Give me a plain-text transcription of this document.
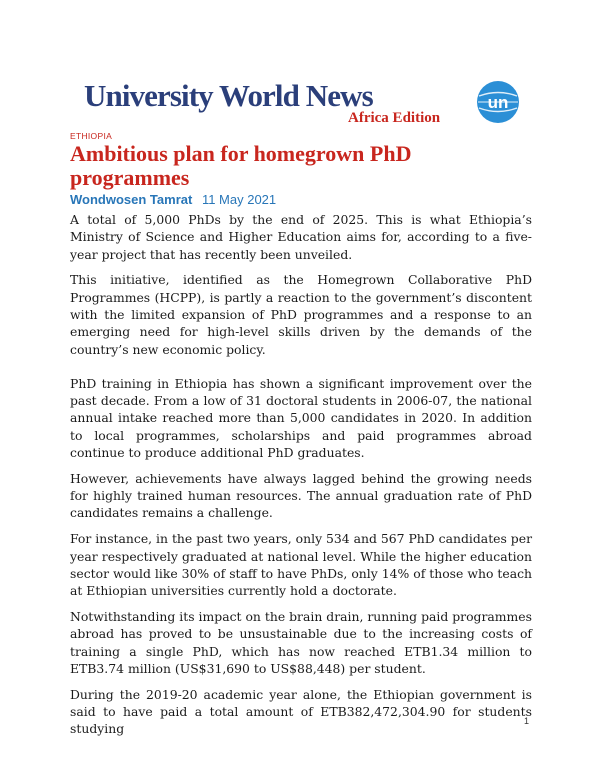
University World News
Africa Edition
un
ETHIOPIA
Ambitious plan for homegrown PhD programmes
Wondwosen Tamrat 11 May 2021

A total of 5,000 PhDs by the end of 2025. This is what Ethiopia’s Ministry of Science and Higher Education aims for, according to a five-year project that has recently been unveiled.

This initiative, identified as the Homegrown Collaborative PhD Programmes (HCPP), is partly a reaction to the government’s discontent with the limited expansion of PhD programmes and a response to an emerging need for high-level skills driven by the demands of the country’s new economic policy.

PhD training in Ethiopia has shown a significant improvement over the past decade. From a low of 31 doctoral students in 2006-07, the national annual intake reached more than 5,000 candidates in 2020. In addition to local programmes, scholarships and paid programmes abroad continue to produce additional PhD graduates.

However, achievements have always lagged behind the growing needs for highly trained human resources. The annual graduation rate of PhD candidates remains a challenge.

For instance, in the past two years, only 534 and 567 PhD candidates per year respectively graduated at national level. While the higher education sector would like 30% of staff to have PhDs, only 14% of those who teach at Ethiopian universities currently hold a doctorate.

Notwithstanding its impact on the brain drain, running paid programmes abroad has proved to be unsustainable due to the increasing costs of training a single PhD, which has now reached ETB1.34 million to ETB3.74 million (US$31,690 to US$88,448) per student.

During the 2019-20 academic year alone, the Ethiopian government is said to have paid a total amount of ETB382,472,304.90 for students studying

1
